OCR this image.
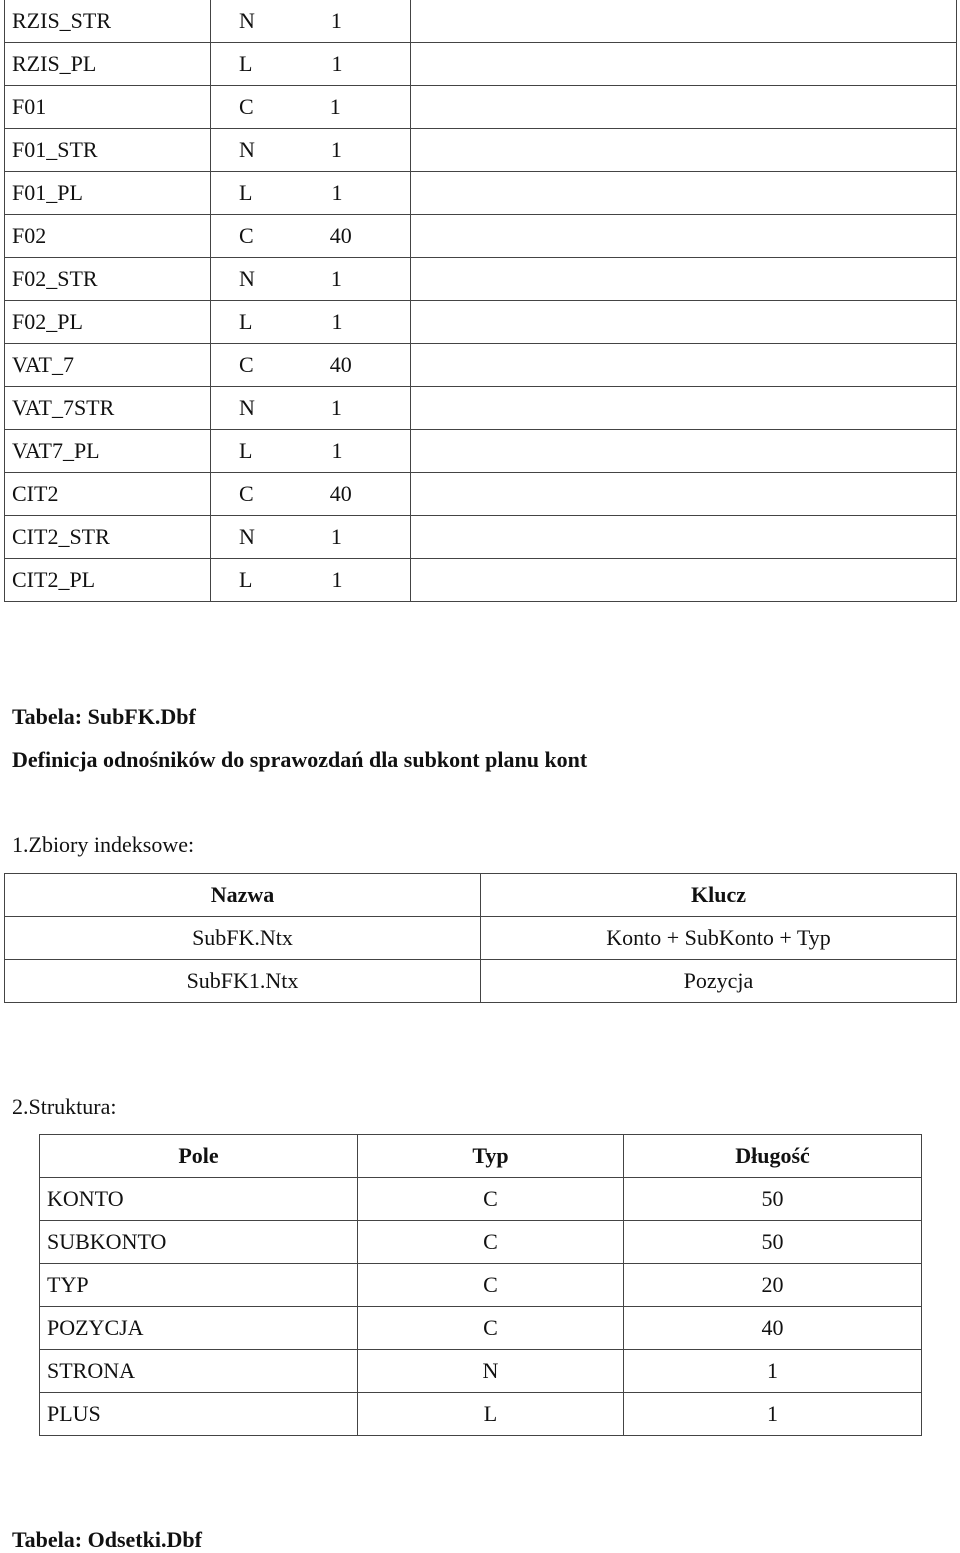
RZIS_STR	N 1	
RZIS_PL	L 1	
F01	C 1	
F01_STR	N 1	
F01_PL	L 1	
F02	C 40	
F02_STR	N 1	
F02_PL	L 1	
VAT_7	C 40	
VAT_7STR	N 1	
VAT7_PL	L 1	
CIT2	C 40	
CIT2_STR	N 1	
CIT2_PL	L 1	

Tabela: SubFK.Dbf

Definicja odnośników do sprawozdań dla subkont planu kont

1.Zbiory indeksowe:

Nazwa	Klucz
SubFK.Ntx	Konto + SubKonto + Typ
SubFK1.Ntx	Pozycja

2.Struktura:

Pole	Typ	Długość
KONTO	C	50
SUBKONTO	C	50
TYP	C	20
POZYCJA	C	40
STRONA	N	1
PLUS	L	1

Tabela: Odsetki.Dbf
